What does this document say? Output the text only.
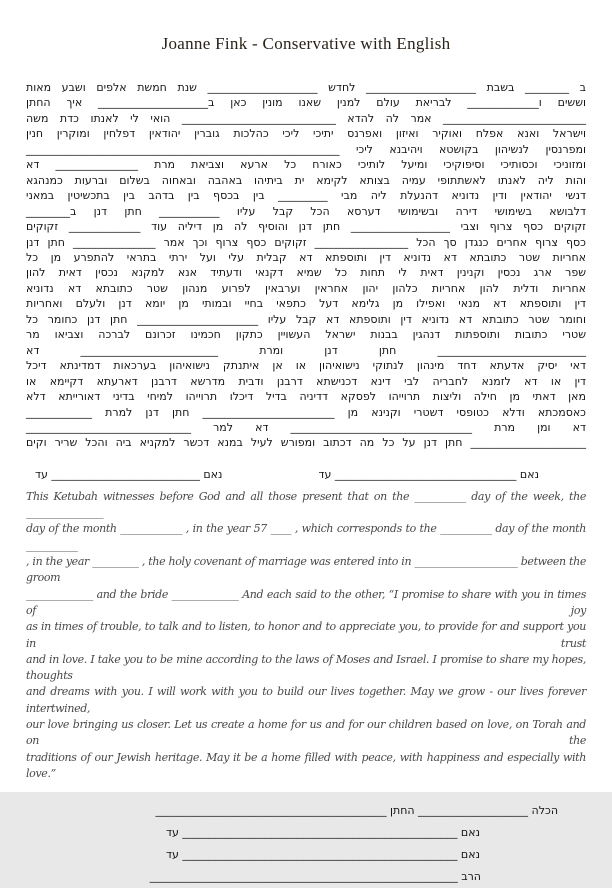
Joanne Fink - Conservative with English
ב ________ בשבת ____________________ לחדש ____________________ שנת חמשת אלפים ושבע מאות
וששים ו_____________ לבריאת עולם למנין שאנו מונין כאן ב____________________ איך החתן
__________________________ אמר לה להדא ____________________________ הואי לי לאנתו כדת משה
וישראל ואנא אפלח ואוקיר ואיזון ואפרנס יתיכי ליכי כהלכות גוברין יהודאין דפלחין ומוקרין חנין
ומפרנסין לנשיהון בקושטא ויהיבנא ליכי _________________________________________________________
ומזוניכי וכסותיכי וסיפוקיכי ומיעל לותיכי כאורח כל ארעא וצביאת מרת _______________ דא
והות ליה לאנתו לאשתתופי עמיה בצותא לקימא ית ביתיהו באהבה ובאחוה בשלום וברעות כמנהגא
דנשי יהודאין ודין נדוניא דהנעלת ליה מבי _________ בין בכסף בין בדהב בין בתכשיטין במאני
דלבושא בשימושי דירה ובשימושי דערסא הכל קבל עליו ___________ חתן דנן ב________
זקוקים כסף צרוף וצבי __________________ חתן דנן והוסיף לה מן דיליה עוד _____________ זקוקים
כסף צרוף אחרים כנגדן סך הכל _________________ זקוקים כסף צרוף וכך אמר _______________ חתן דנן
אחריות שטר כתובתא דא נדוניא דין ותוספתא דא קבלית עלי ועל ירתי בתראי להתפרע מן כל
שפר ארג נכסין וקנינין דאית לי תחות כל שמיא דקנאי ודעתיד אנא למקנא נכסין דאית להון
אחריות ודלית להון אחריות כלהון יהון אחראין וערבאין לפרוע מנהון שטר כתובתא דא נדוניא
דין ותוספתא דא מנאי ואפילו מן גלימא דעל כתפאי בחיי ובמותי מן יומא דנן ולעלם ואחריות
וחומר שטר כתובתא דא נדוניא דין ותוספתא דא קבל עליו ______________________ חתן דנן כחומר כל
שטרי כתובות ותוספתות דנהגין בבנות ישראל העשויין כתקון חכמינו זכרונם לברכה וצביאו מר
___________________________ חתן דנן ומרת _________________________ דא
דאי יסיק אדעתא דחד מינהון לנתוקי נישואיהון או אן איתנתק נישואיהון בערכאות דמדינתא דיכל
דין או דא לזמנא לחבריה לבי דינא דכנישתא דרבנן ודבית מדרשא דרבנן דארעתא דקיימא או
מאן דאתי מן חילה וליצות תרוייהו לפסקא דדיניה בדיל דיכלו תרוייהו למיחי בדיני דאורייתא דלא
כאסמכתא ודלא כטופסי דשטרי וקנינא מן ________________________ חתן דנן למרת ____________
דא ומן מרת _________________________________ דא למר ______________________________
_____________________ חתן דנן על כל מה דכתוב ומפורש לעיל במנא דכשר למקניא ביה והכל שריר וקים
נאם _________________________________ עד
נאם ___________________________ עד
This Ketubah witnesses before God and all those present that on the __________ day of the week, the _______________
day of the month ____________ , in the year 57 ____ , which corresponds to the __________ day of the month __________
, in the year _________ , the holy covenant of marriage was entered into in ____________________ between the groom
_____________ and the bride _____________ And each said to the other, “I promise to share with you in times of joy
as in times of trouble, to talk and to listen, to honor and to appreciate you, to provide for and support you in trust
and in love. I take you to be mine according to the laws of Moses and Israel. I promise to share my hopes, thoughts
and dreams with you. I will work with you to build our lives together. May we grow - our lives forever intertwined,
our love bringing us closer. Let us create a home for us and for our children based on love, on Torah and on the
traditions of our Jewish heritage. May it be a home filled with peace, with happiness and especially with love.”
הכלה ____________________ החתן __________________________________________
נאם __________________________________________________ עד
נאם __________________________________________________ עד
הרב ________________________________________________________
